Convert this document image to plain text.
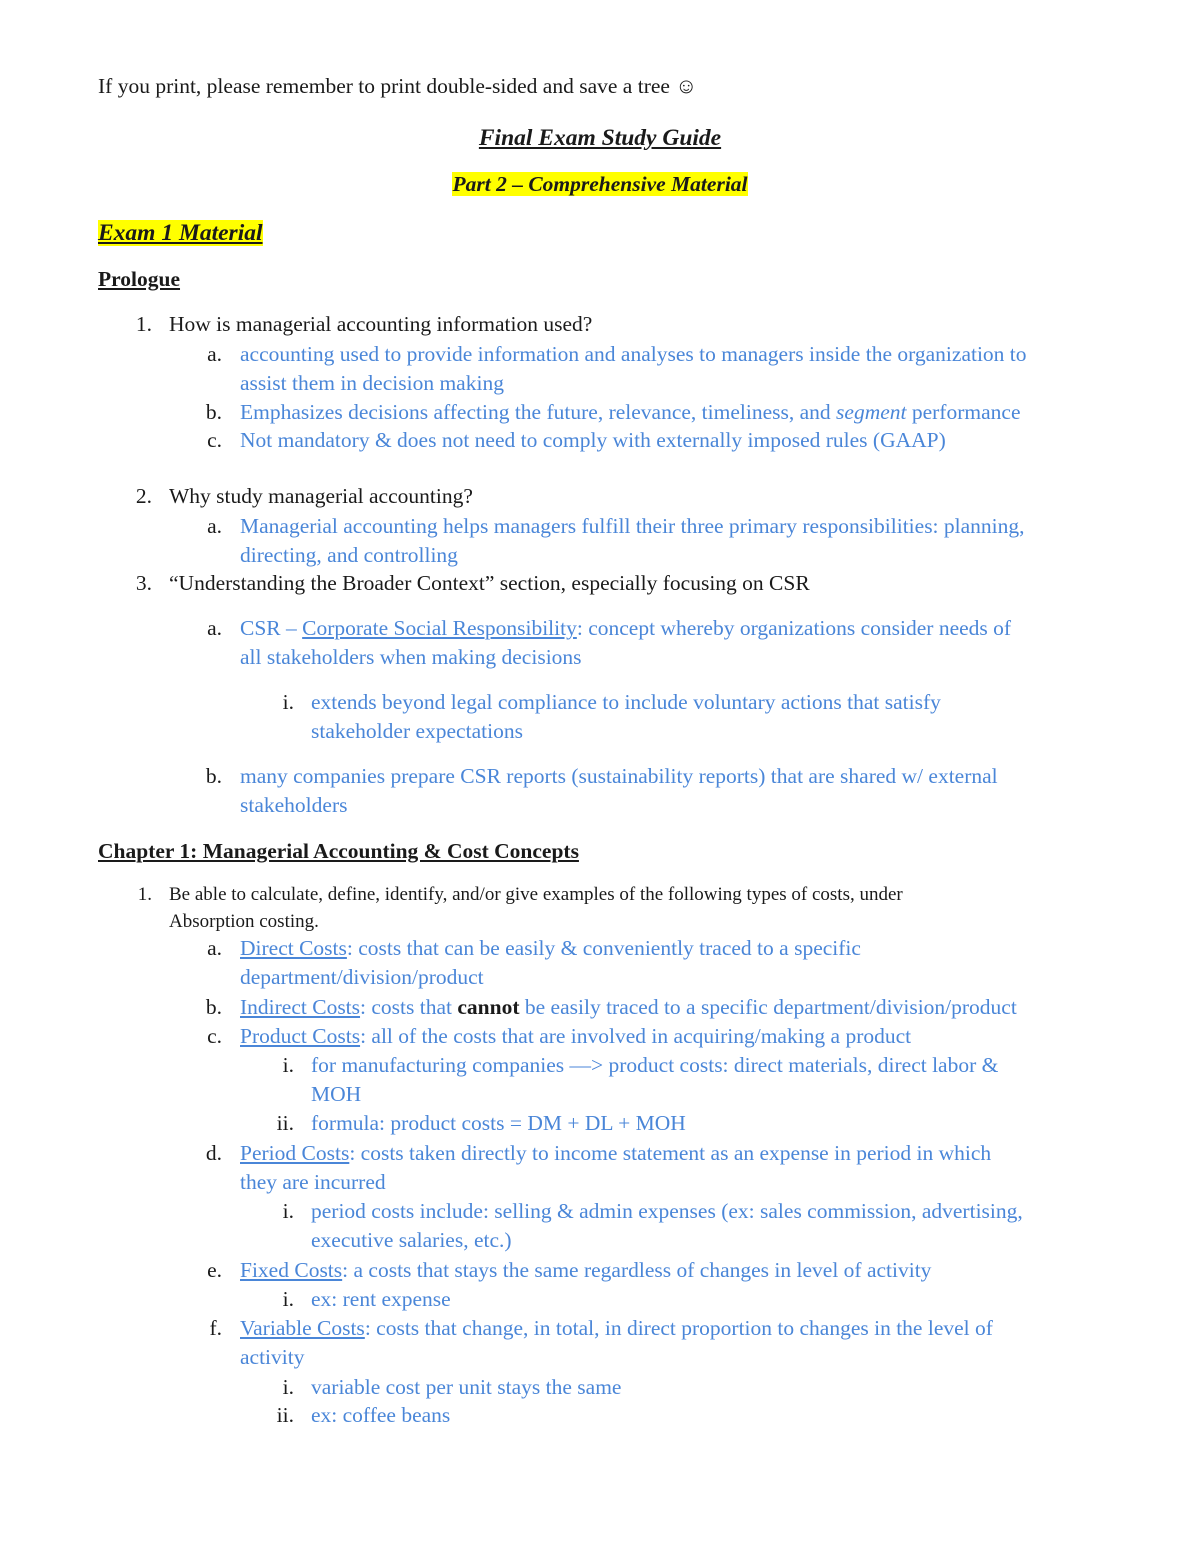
If you print, please remember to print double-sided and save a tree ☺
Final Exam Study Guide
Part 2 – Comprehensive Material
Exam 1 Material
Prologue
1. How is managerial accounting information used?
a. accounting used to provide information and analyses to managers inside the organization to
assist them in decision making
b. Emphasizes decisions affecting the future, relevance, timeliness, and segment performance
c. Not mandatory & does not need to comply with externally imposed rules (GAAP)
2. Why study managerial accounting?
a. Managerial accounting helps managers fulfill their three primary responsibilities: planning,
directing, and controlling
3. “Understanding the Broader Context” section, especially focusing on CSR
a. CSR – Corporate Social Responsibility: concept whereby organizations consider needs of
all stakeholders when making decisions
i. extends beyond legal compliance to include voluntary actions that satisfy
stakeholder expectations
b. many companies prepare CSR reports (sustainability reports) that are shared w/ external
stakeholders
Chapter 1: Managerial Accounting & Cost Concepts
1. Be able to calculate, define, identify, and/or give examples of the following types of costs, under
Absorption costing.
a. Direct Costs: costs that can be easily & conveniently traced to a specific
department/division/product
b. Indirect Costs: costs that cannot be easily traced to a specific department/division/product
c. Product Costs: all of the costs that are involved in acquiring/making a product
i. for manufacturing companies —> product costs: direct materials, direct labor &
MOH
ii. formula: product costs = DM + DL + MOH
d. Period Costs: costs taken directly to income statement as an expense in period in which
they are incurred
i. period costs include: selling & admin expenses (ex: sales commission, advertising,
executive salaries, etc.)
e. Fixed Costs: a costs that stays the same regardless of changes in level of activity
i. ex: rent expense
f. Variable Costs: costs that change, in total, in direct proportion to changes in the level of
activity
i. variable cost per unit stays the same
ii. ex: coffee beans
